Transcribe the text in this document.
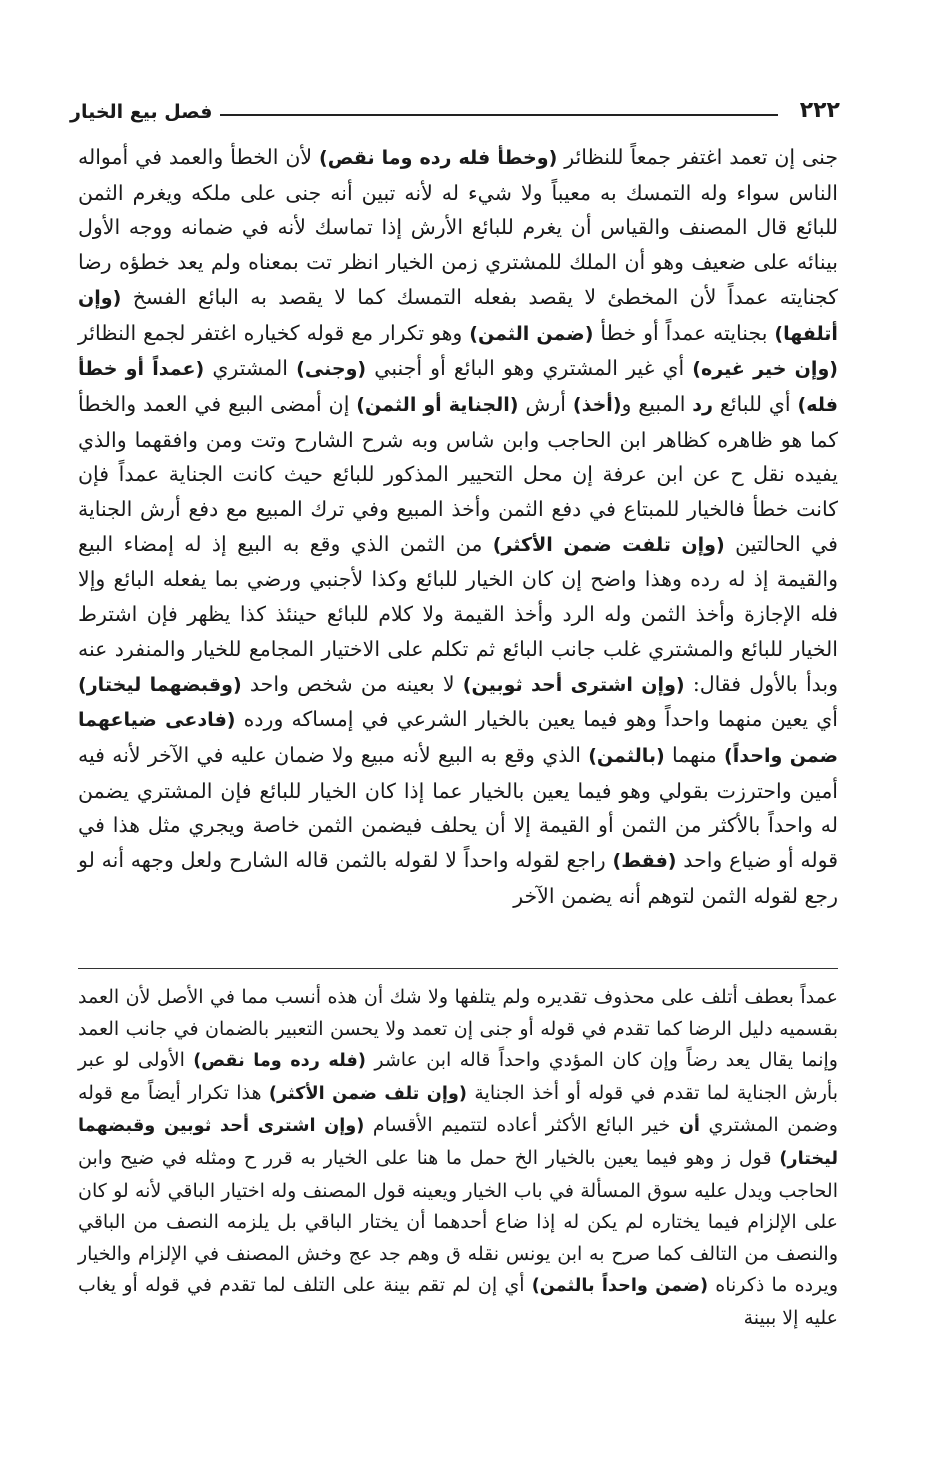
٢٢٢
فصل بيع الخيار

جنى إن تعمد اغتفر جمعاً للنظائر (وخطأ فله رده وما نقص) لأن الخطأ والعمد في أمواله الناس سواء وله التمسك به معيباً ولا شيء له لأنه تبين أنه جنى على ملكه ويغرم الثمن للبائع قال المصنف والقياس أن يغرم للبائع الأرش إذا تماسك لأنه في ضمانه ووجه الأول بينائه على ضعيف وهو أن الملك للمشتري زمن الخيار انظر تت بمعناه ولم يعد خطؤه رضا كجنايته عمداً لأن المخطئ لا يقصد بفعله التمسك كما لا يقصد به البائع الفسخ (وإن أتلفها) بجنايته عمداً أو خطأ (ضمن الثمن) وهو تكرار مع قوله كخياره اغتفر لجمع النظائر (وإن خير غيره) أي غير المشتري وهو البائع أو أجنبي (وجنى) المشتري (عمداً أو خطأ فله) أي للبائع رد المبيع و(أخذ) أرش (الجناية أو الثمن) إن أمضى البيع في العمد والخطأ كما هو ظاهره كظاهر ابن الحاجب وابن شاس وبه شرح الشارح وتت ومن وافقهما والذي يفيده نقل ح عن ابن عرفة إن محل التحيير المذكور للبائع حيث كانت الجناية عمداً فإن كانت خطأ فالخيار للمبتاع في دفع الثمن وأخذ المبيع وفي ترك المبيع مع دفع أرش الجناية في الحالتين (وإن تلفت ضمن الأكثر) من الثمن الذي وقع به البيع إذ له إمضاء البيع والقيمة إذ له رده وهذا واضح إن كان الخيار للبائع وكذا لأجنبي ورضي بما يفعله البائع وإلا فله الإجازة وأخذ الثمن وله الرد وأخذ القيمة ولا كلام للبائع حينئذ كذا يظهر فإن اشترط الخيار للبائع والمشتري غلب جانب البائع ثم تكلم على الاختيار المجامع للخيار والمنفرد عنه وبدأ بالأول فقال: (وإن اشترى أحد ثوبين) لا بعينه من شخص واحد (وقبضهما ليختار) أي يعين منهما واحداً وهو فيما يعين بالخيار الشرعي في إمساكه ورده (فادعى ضياعهما ضمن واحداً) منهما (بالثمن) الذي وقع به البيع لأنه مبيع ولا ضمان عليه في الآخر لأنه فيه أمين واحترزت بقولي وهو فيما يعين بالخيار عما إذا كان الخيار للبائع فإن المشتري يضمن له واحداً بالأكثر من الثمن أو القيمة إلا أن يحلف فيضمن الثمن خاصة ويجري مثل هذا في قوله أو ضياع واحد (فقط) راجع لقوله واحداً لا لقوله بالثمن قاله الشارح ولعل وجهه أنه لو رجع لقوله الثمن لتوهم أنه يضمن الآخر

عمداً بعطف أتلف على محذوف تقديره ولم يتلفها ولا شك أن هذه أنسب مما في الأصل لأن العمد بقسميه دليل الرضا كما تقدم في قوله أو جنى إن تعمد ولا يحسن التعبير بالضمان في جانب العمد وإنما يقال يعد رضاً وإن كان المؤدي واحداً قاله ابن عاشر (فله رده وما نقص) الأولى لو عبر بأرش الجناية لما تقدم في قوله أو أخذ الجناية (وإن تلف ضمن الأكثر) هذا تكرار أيضاً مع قوله وضمن المشتري أن خير البائع الأكثر أعاده لتتميم الأقسام (وإن اشترى أحد ثوبين وقبضهما ليختار) قول ز وهو فيما يعين بالخيار الخ حمل ما هنا على الخيار به قرر ح ومثله في ضيح وابن الحاجب ويدل عليه سوق المسألة في باب الخيار ويعينه قول المصنف وله اختيار الباقي لأنه لو كان على الإلزام فيما يختاره لم يكن له إذا ضاع أحدهما أن يختار الباقي بل يلزمه النصف من الباقي والنصف من التالف كما صرح به ابن يونس نقله ق وهم جد عج وخش المصنف في الإلزام والخيار ويرده ما ذكرناه (ضمن واحداً بالثمن) أي إن لم تقم بينة على التلف لما تقدم في قوله أو يغاب عليه إلا ببينة
